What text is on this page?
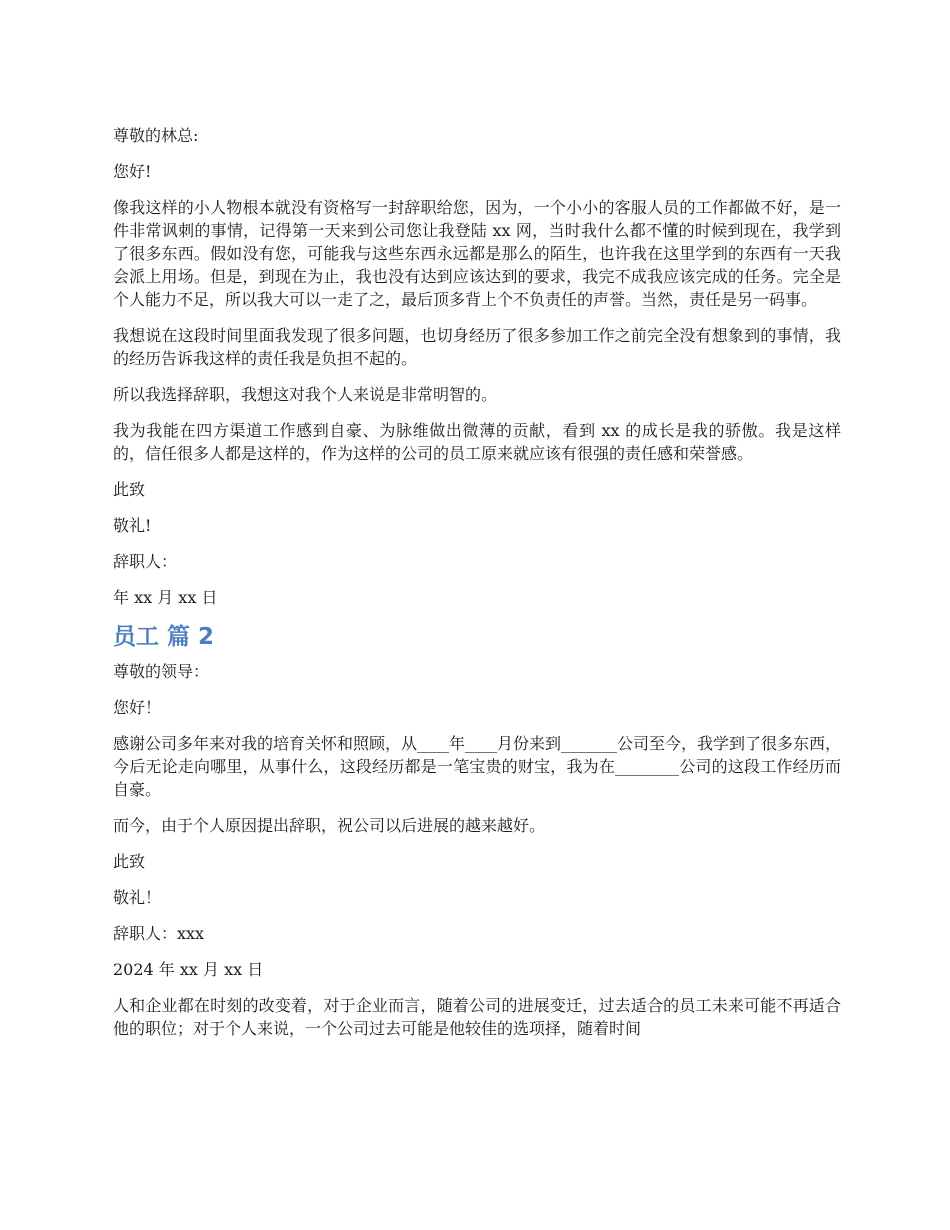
尊敬的林总:

您好!

像我这样的小人物根本就没有资格写一封辞职给您，因为，一个小小的客服人员的工作都做不好，是一件非常讽刺的事情，记得第一天来到公司您让我登陆 xx 网，当时我什么都不懂的时候到现在，我学到了很多东西。假如没有您，可能我与这些东西永远都是那么的陌生，也许我在这里学到的东西有一天我会派上用场。但是，到现在为止，我也没有达到应该达到的要求，我完不成我应该完成的任务。完全是个人能力不足，所以我大可以一走了之，最后顶多背上个不负责任的声誉。当然，责任是另一码事。

我想说在这段时间里面我发现了很多问题，也切身经历了很多参加工作之前完全没有想象到的事情，我的经历告诉我这样的责任我是负担不起的。

所以我选择辞职，我想这对我个人来说是非常明智的。

我为我能在四方渠道工作感到自豪、为脉维做出微薄的贡献，看到 xx 的成长是我的骄傲。我是这样的，信任很多人都是这样的，作为这样的公司的员工原来就应该有很强的责任感和荣誉感。

此致

敬礼!

辞职人：

年 xx 月 xx 日

员工 篇 2

尊敬的领导：

您好！

感谢公司多年来对我的培育关怀和照顾，从____年____月份来到_______公司至今，我学到了很多东西，今后无论走向哪里，从事什么，这段经历都是一笔宝贵的财宝，我为在________公司的这段工作经历而自豪。

而今，由于个人原因提出辞职，祝公司以后进展的越来越好。

此致

敬礼！

辞职人：xxx

2024 年 xx 月 xx 日

人和企业都在时刻的改变着，对于企业而言，随着公司的进展变迁，过去适合的员工未来可能不再适合他的职位；对于个人来说，一个公司过去可能是他较佳的选项择，随着时间
